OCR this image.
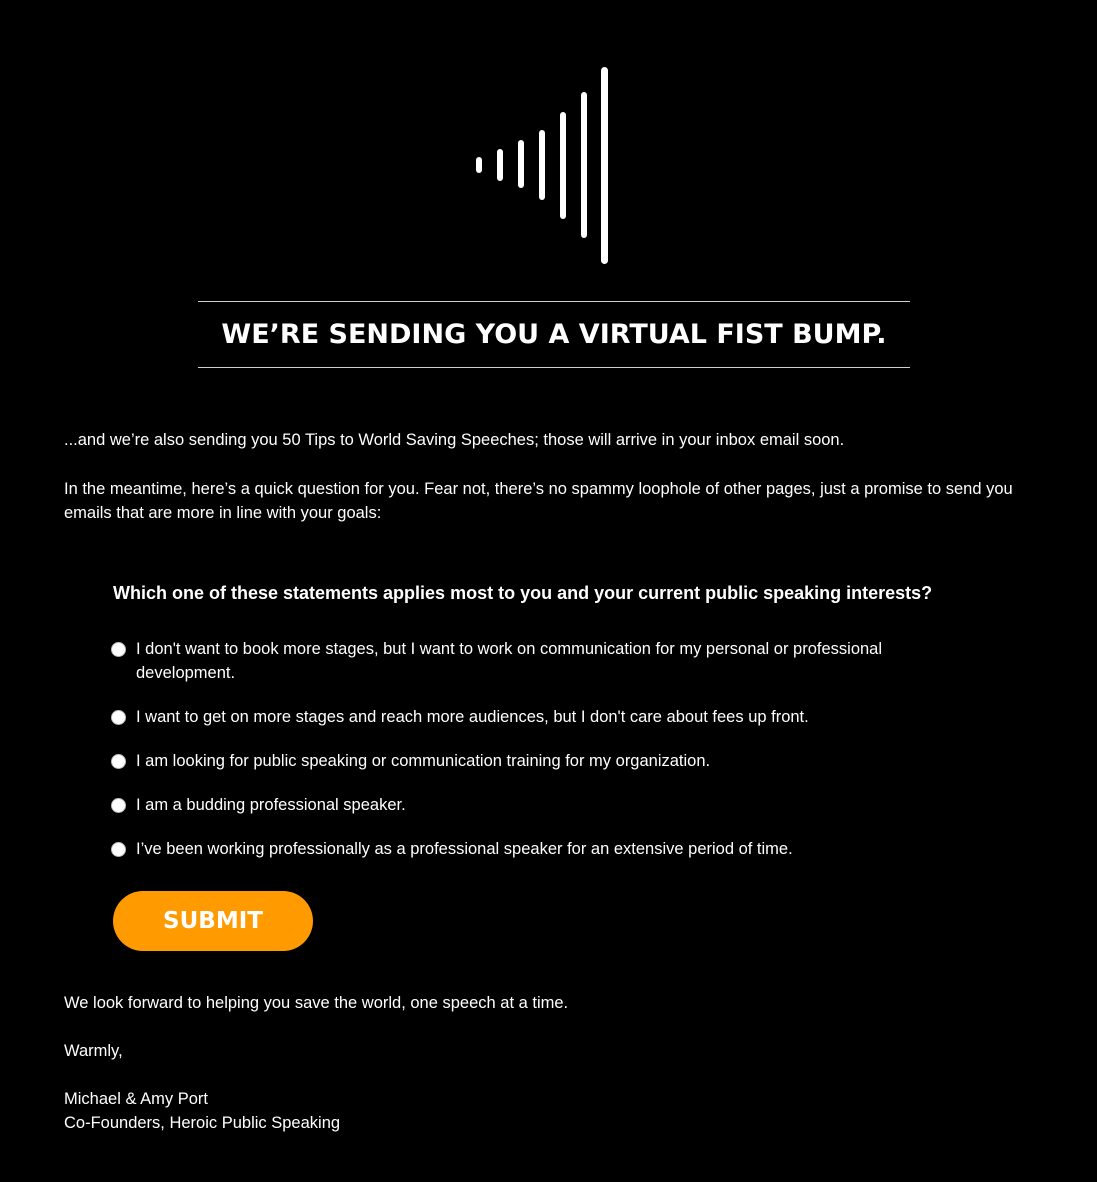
WE’RE SENDING YOU A VIRTUAL FIST BUMP.

...and we’re also sending you 50 Tips to World Saving Speeches; those will arrive in your inbox email soon.

In the meantime, here’s a quick question for you. Fear not, there’s no spammy loophole of other pages, just a promise to send you emails that are more in line with your goals:

Which one of these statements applies most to you and your current public speaking interests?

I don't want to book more stages, but I want to work on communication for my personal or professional development.
I want to get on more stages and reach more audiences, but I don't care about fees up front.
I am looking for public speaking or communication training for my organization.
I am a budding professional speaker.
I’ve been working professionally as a professional speaker for an extensive period of time.
SUBMIT

We look forward to helping you save the world, one speech at a time.

Warmly,

Michael & Amy Port

Co-Founders, Heroic Public Speaking
